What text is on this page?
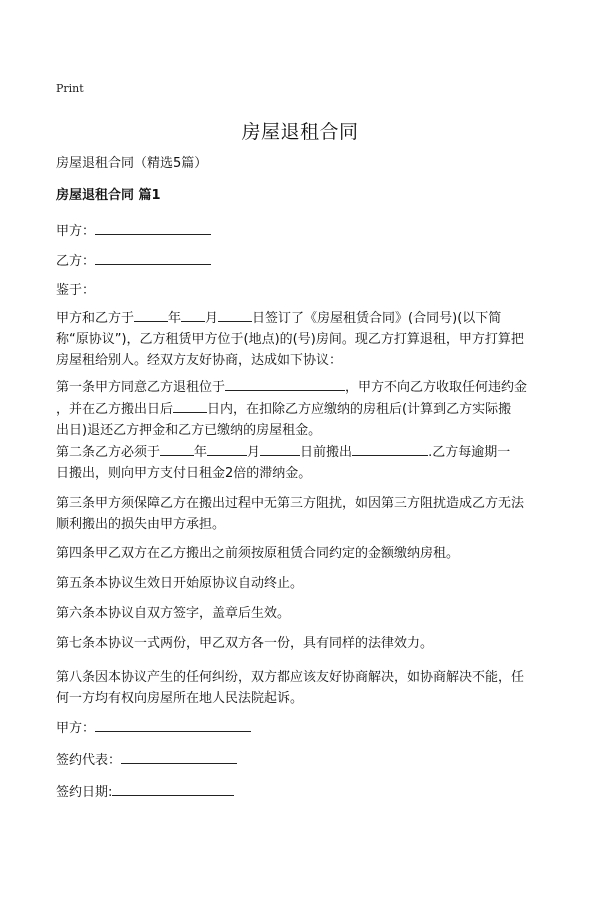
Print
房屋退租合同
房屋退租合同（精选5篇）
房屋退租合同 篇1
甲方：
乙方：
鉴于：
甲方和乙方于	年 月	日签订了《房屋租赁合同》(合同号)(以下简
称“原协议”)，乙方租赁甲方位于(地点)的(号)房间。现乙方打算退租，甲方打算把
房屋租给别人。经双方友好协商，达成如下协议：
第一条甲方同意乙方退租位于	，甲方不向乙方收取任何违约金
，并在乙方搬出日后	日内，在扣除乙方应缴纳的房租后(计算到乙方实际搬
出日)退还乙方押金和乙方已缴纳的房屋租金。
第二条乙方必须于	年	月	日前搬出	.乙方每逾期一
日搬出，则向甲方支付日租金2倍的滞纳金。
第三条甲方须保障乙方在搬出过程中无第三方阻扰，如因第三方阻扰造成乙方无法
顺利搬出的损失由甲方承担。
第四条甲乙双方在乙方搬出之前须按原租赁合同约定的金额缴纳房租。
第五条本协议生效日开始原协议自动终止。
第六条本协议自双方签字，盖章后生效。
第七条本协议一式两份，甲乙双方各一份，具有同样的法律效力。
第八条因本协议产生的任何纠纷，双方都应该友好协商解决，如协商解决不能，任
何一方均有权向房屋所在地人民法院起诉。
甲方：
签约代表：
签约日期:
